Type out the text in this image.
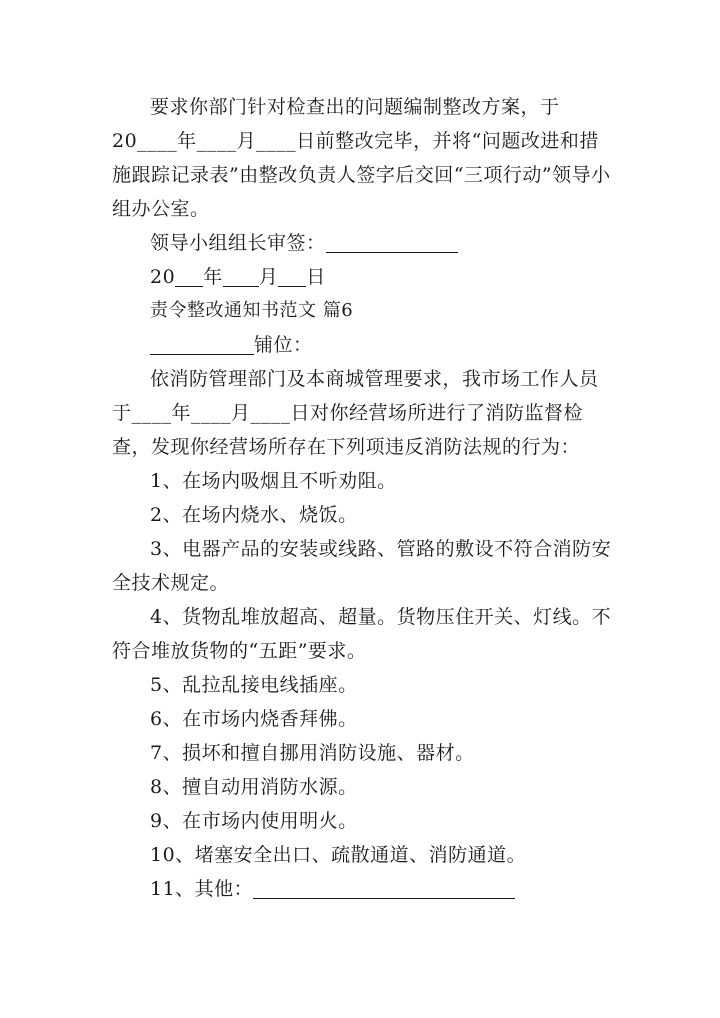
要求你部门针对检查出的问题编制整改方案，于20____年____月____日前整改完毕，并将“问题改进和措施跟踪记录表”由整改负责人签字后交回“三项行动”领导小组办公室。
领导小组组长审签：
20 年 月 日
责令整改通知书范文 篇6
铺位：
依消防管理部门及本商城管理要求，我市场工作人员于____年____月____日对你经营场所进行了消防监督检查，发现你经营场所存在下列项违反消防法规的行为：
1、在场内吸烟且不听劝阻。
2、在场内烧水、烧饭。
3、电器产品的安装或线路、管路的敷设不符合消防安全技术规定。
4、货物乱堆放超高、超量。货物压住开关、灯线。不符合堆放货物的“五距”要求。
5、乱拉乱接电线插座。
6、在市场内烧香拜佛。
7、损坏和擅自挪用消防设施、器材。
8、擅自动用消防水源。
9、在市场内使用明火。
10、堵塞安全出口、疏散通道、消防通道。
11、其他：
